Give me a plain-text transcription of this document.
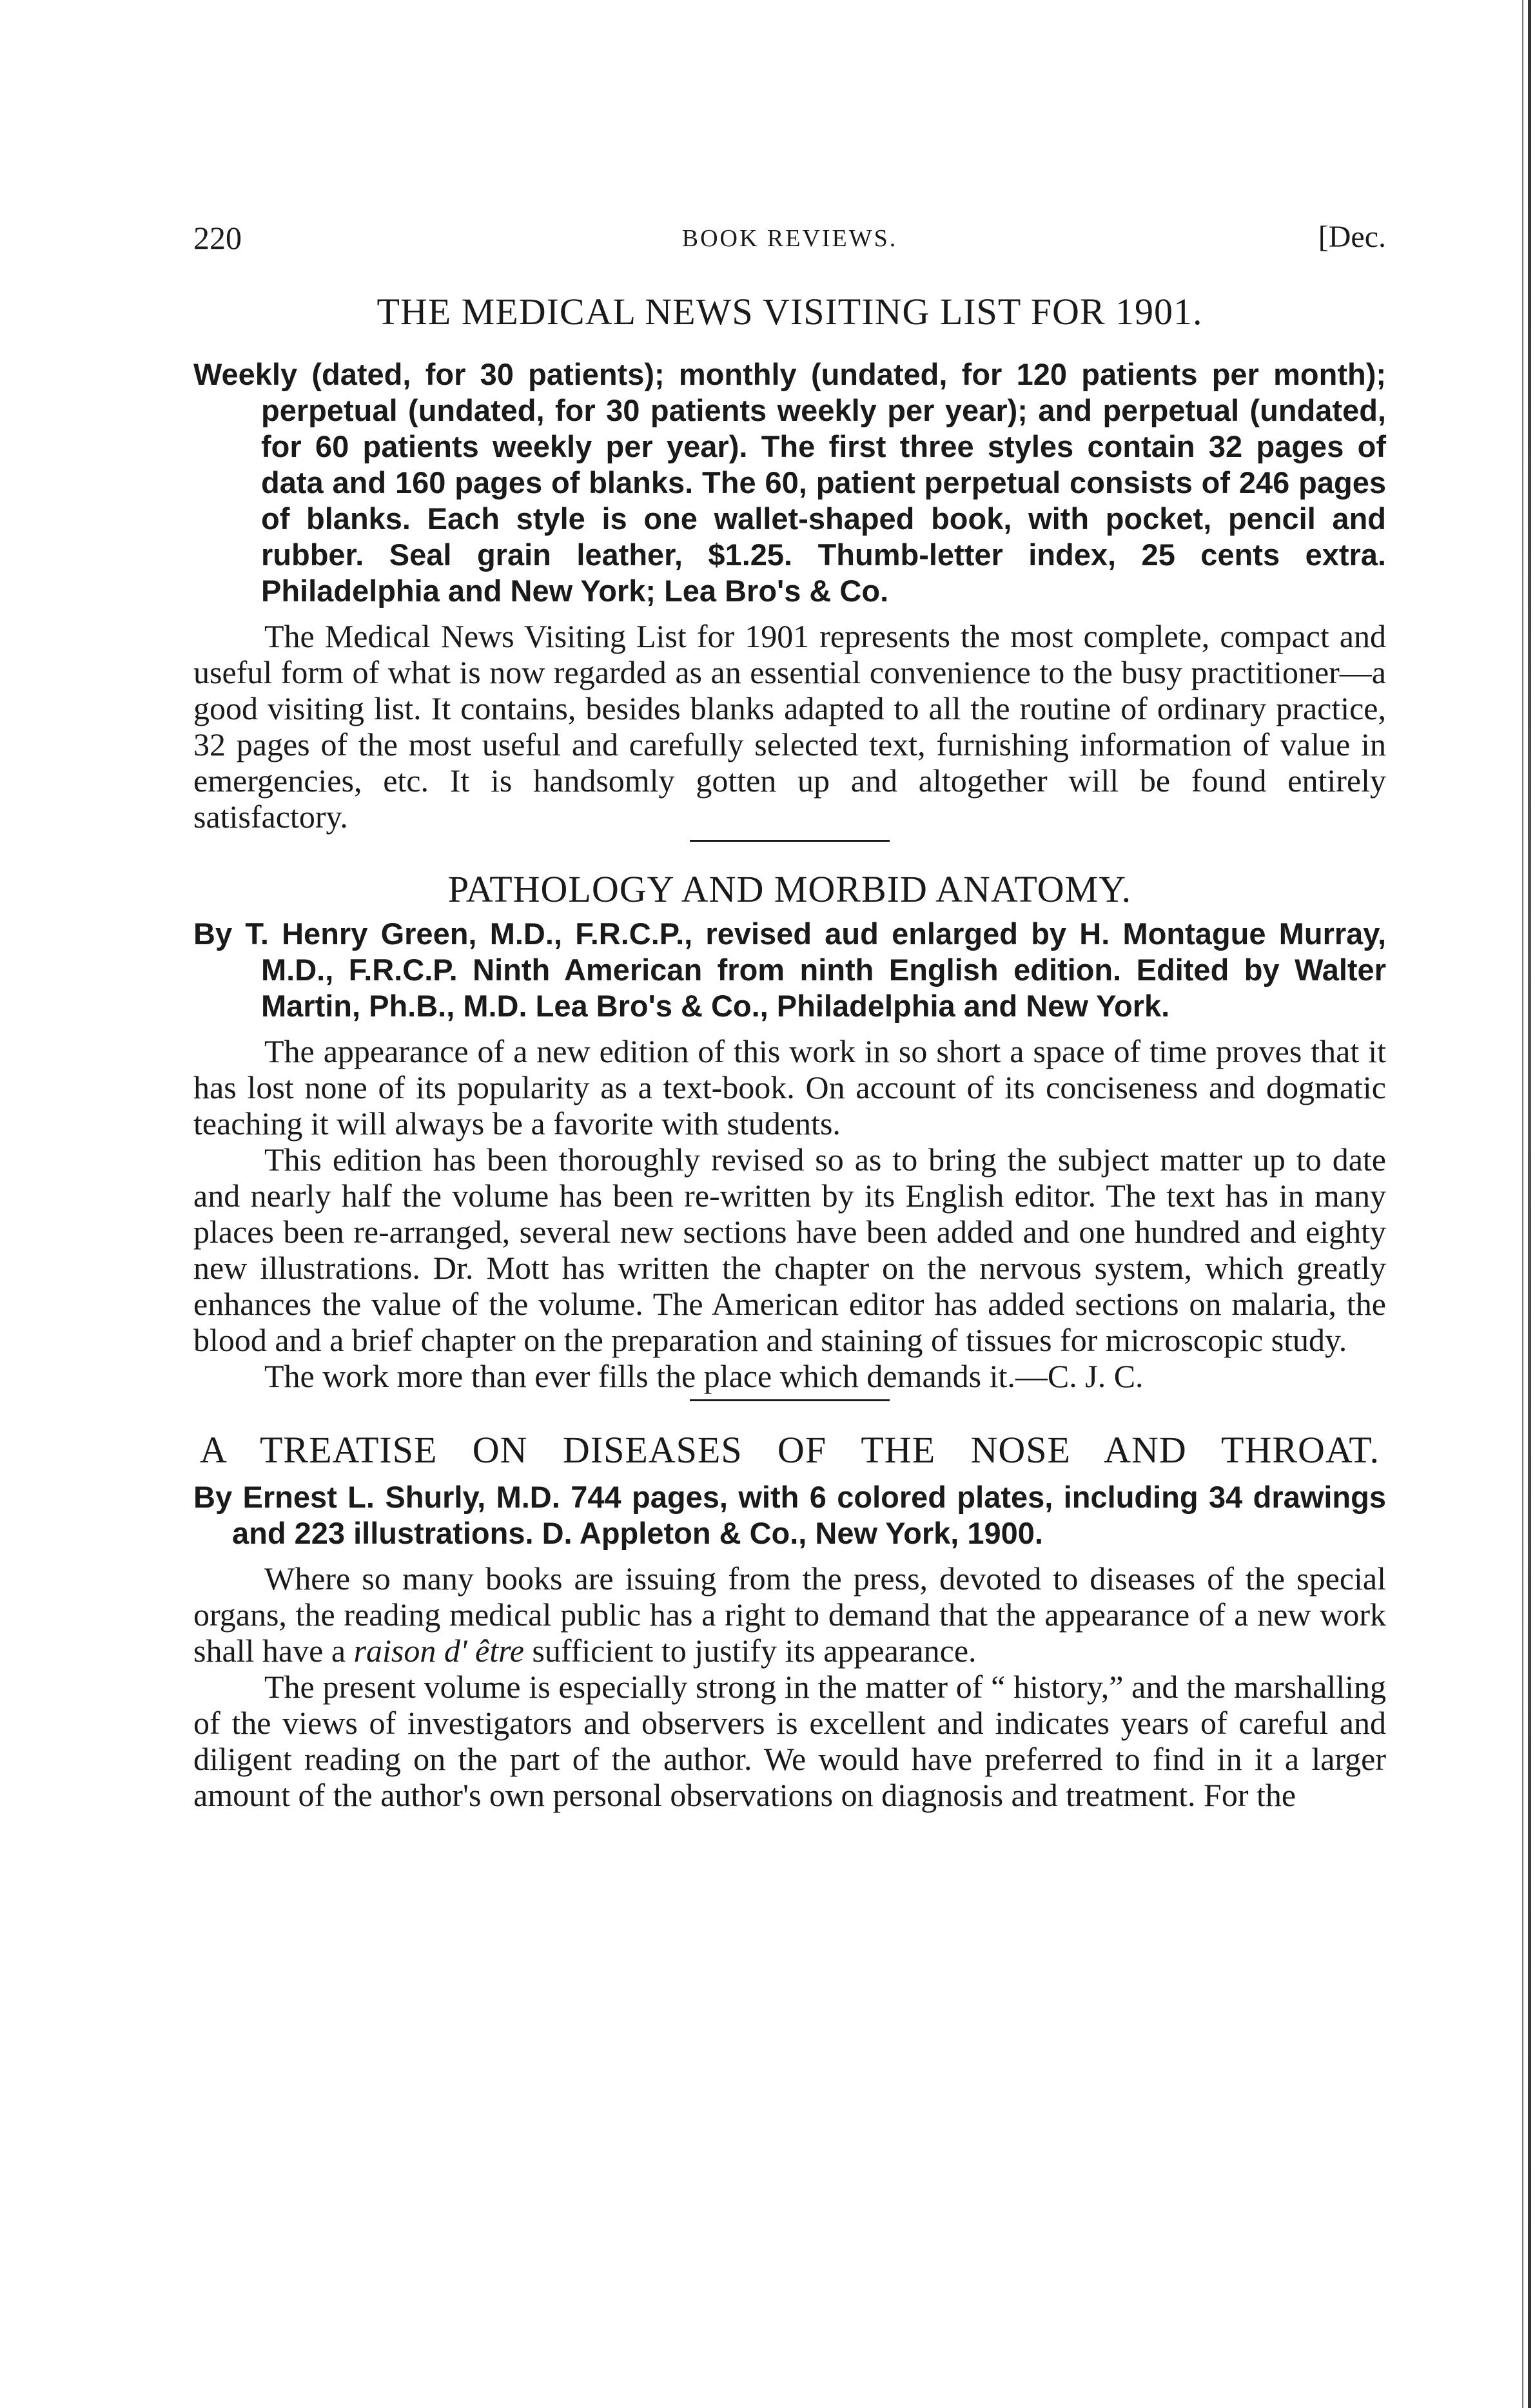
220	BOOK REVIEWS.	[Dec.
THE MEDICAL NEWS VISITING LIST FOR 1901.

Weekly (dated, for 30 patients); monthly (undated, for 120 patients per month); perpetual (undated, for 30 patients weekly per year); and perpetual (undated, for 60 patients weekly per year). The first three styles contain 32 pages of data and 160 pages of blanks. The 60, patient perpetual consists of 246 pages of blanks. Each style is one wallet-shaped book, with pocket, pencil and rubber. Seal grain leather, $1.25. Thumb-letter index, 25 cents extra. Philadelphia and New York; Lea Bro's & Co.

The Medical News Visiting List for 1901 represents the most complete, compact and useful form of what is now regarded as an essential convenience to the busy practitioner—a good visiting list. It contains, besides blanks adapted to all the routine of ordinary practice, 32 pages of the most useful and carefully selected text, furnishing information of value in emergencies, etc. It is handsomly gotten up and altogether will be found entirely satisfactory.

PATHOLOGY AND MORBID ANATOMY.

By T. Henry Green, M.D., F.R.C.P., revised aud enlarged by H. Montague Murray, M.D., F.R.C.P. Ninth American from ninth English edition. Edited by Walter Martin, Ph.B., M.D. Lea Bro's & Co., Philadelphia and New York.

The appearance of a new edition of this work in so short a space of time proves that it has lost none of its popularity as a text-book. On account of its conciseness and dogmatic teaching it will always be a favorite with students.

This edition has been thoroughly revised so as to bring the subject matter up to date and nearly half the volume has been re-written by its English editor. The text has in many places been re-arranged, several new sections have been added and one hundred and eighty new illustrations. Dr. Mott has written the chapter on the nervous system, which greatly enhances the value of the volume. The American editor has added sections on malaria, the blood and a brief chapter on the preparation and staining of tissues for microscopic study.

The work more than ever fills the place which demands it.—C. J. C.

A TREATISE ON DISEASES OF THE NOSE AND THROAT.

By Ernest L. Shurly, M.D. 744 pages, with 6 colored plates, including 34 drawings and 223 illustrations. D. Appleton & Co., New York, 1900.

Where so many books are issuing from the press, devoted to diseases of the special organs, the reading medical public has a right to demand that the appearance of a new work shall have a raison d' être sufficient to justify its appearance.

The present volume is especially strong in the matter of “ history,” and the marshalling of the views of investigators and observers is excellent and indicates years of careful and diligent reading on the part of the author. We would have preferred to find in it a larger amount of the author's own personal observations on diagnosis and treatment. For the
